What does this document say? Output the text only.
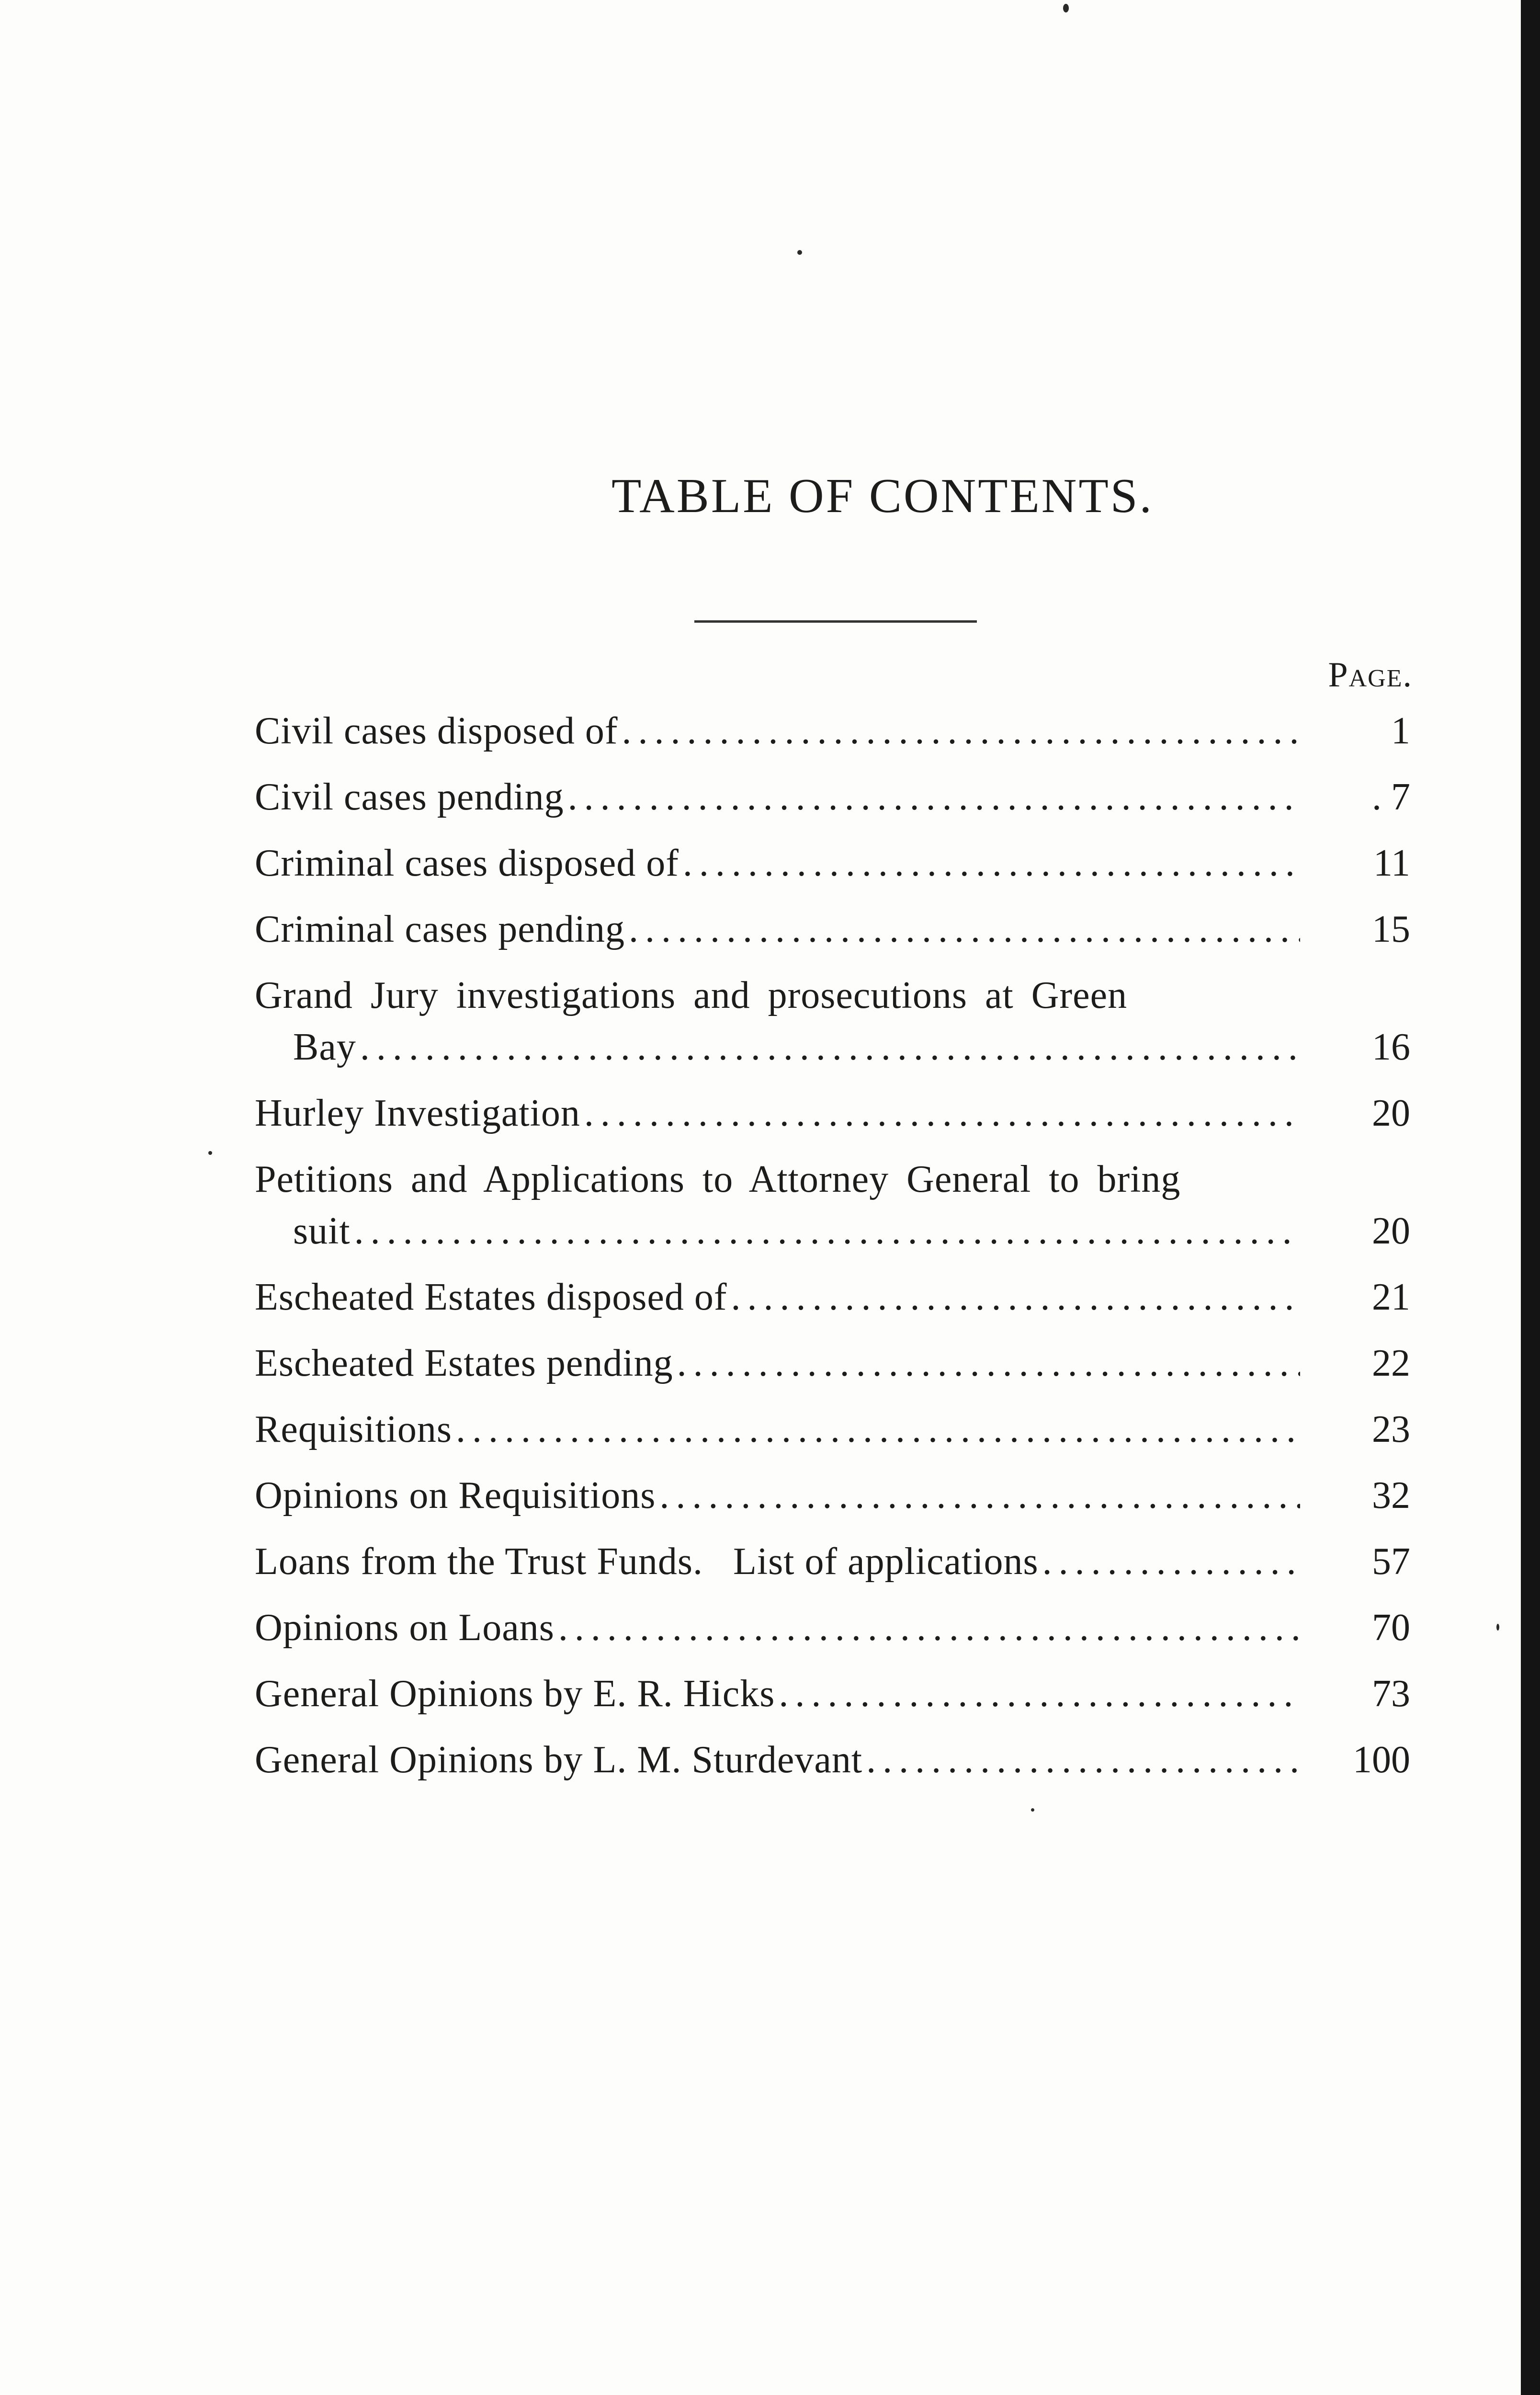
TABLE OF CONTENTS.
Page.
Civil cases disposed of .....	1
Civil cases pending .....	. 7
Criminal cases disposed of .....	11
Criminal cases pending .....	15
Grand Jury investigations and prosecutions at Green
Bay .....	16
Hurley Investigation .....	20
Petitions and Applications to Attorney General to bring
suit .....	20
Escheated Estates disposed of .....	21
Escheated Estates pending .....	22
Requisitions .....	23
Opinions on Requisitions .....	32
Loans from the Trust Funds.   List of applications .....	57
Opinions on Loans .....	70
General Opinions by E. R. Hicks .....	73
General Opinions by L. M. Sturdevant .....	100
